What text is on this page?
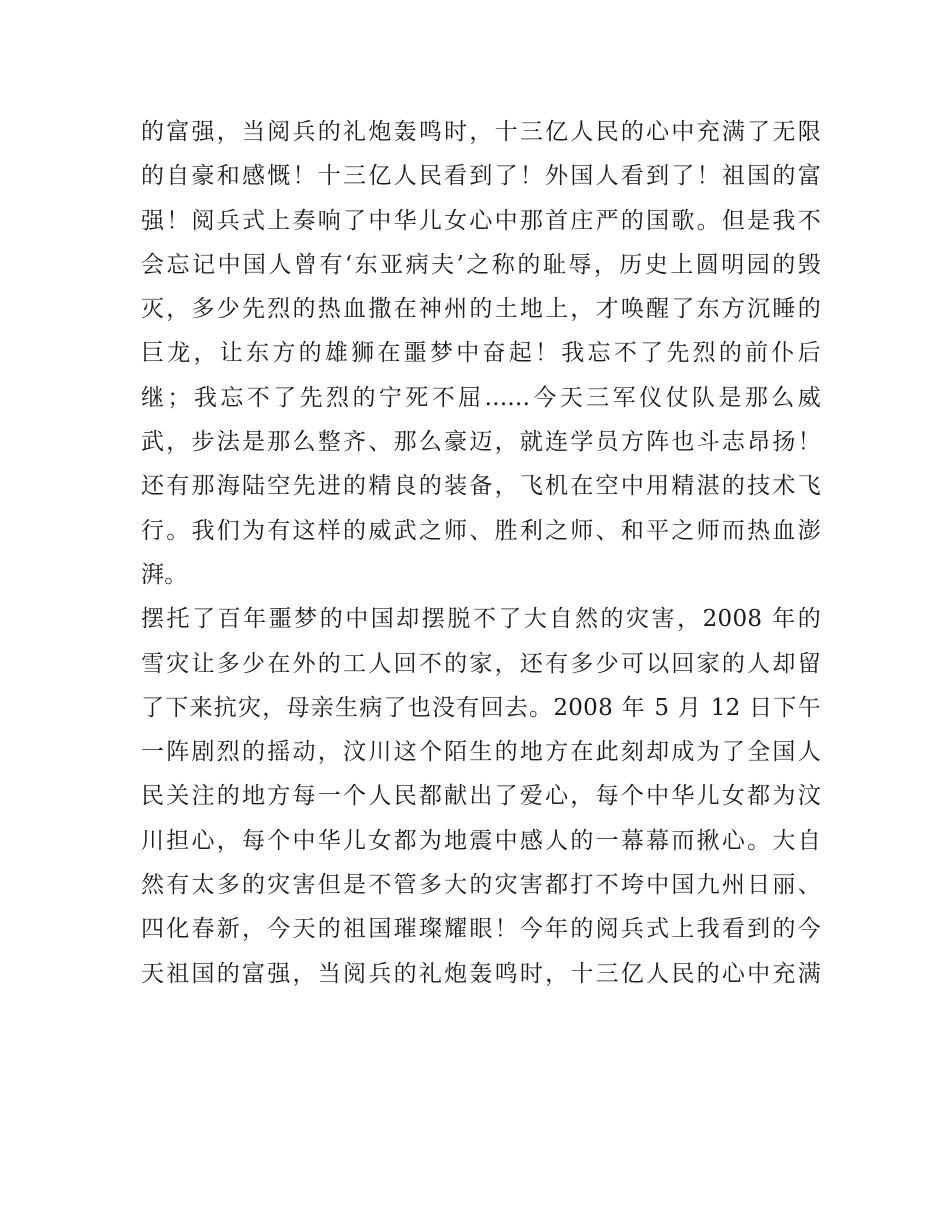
的富强，当阅兵的礼炮轰鸣时，十三亿人民的心中充满了无限
的自豪和感慨！十三亿人民看到了！外国人看到了！祖国的富
强！阅兵式上奏响了中华儿女心中那首庄严的国歌。但是我不
会忘记中国人曾有‘东亚病夫’之称的耻辱，历史上圆明园的毁
灭，多少先烈的热血撒在神州的土地上，才唤醒了东方沉睡的
巨龙，让东方的雄狮在噩梦中奋起！我忘不了先烈的前仆后
继；我忘不了先烈的宁死不屈......今天三军仪仗队是那么威
武，步法是那么整齐、那么豪迈，就连学员方阵也斗志昂扬！
还有那海陆空先进的精良的装备，飞机在空中用精湛的技术飞
行。我们为有这样的威武之师、胜利之师、和平之师而热血澎
湃。
摆托了百年噩梦的中国却摆脱不了大自然的灾害，2008 年的
雪灾让多少在外的工人回不的家，还有多少可以回家的人却留
了下来抗灾，母亲生病了也没有回去。2008 年 5 月 12 日下午
一阵剧烈的摇动，汶川这个陌生的地方在此刻却成为了全国人
民关注的地方每一个人民都献出了爱心，每个中华儿女都为汶
川担心，每个中华儿女都为地震中感人的一幕幕而揪心。大自
然有太多的灾害但是不管多大的灾害都打不垮中国九州日丽、
四化春新，今天的祖国璀璨耀眼！今年的阅兵式上我看到的今
天祖国的富强，当阅兵的礼炮轰鸣时，十三亿人民的心中充满
